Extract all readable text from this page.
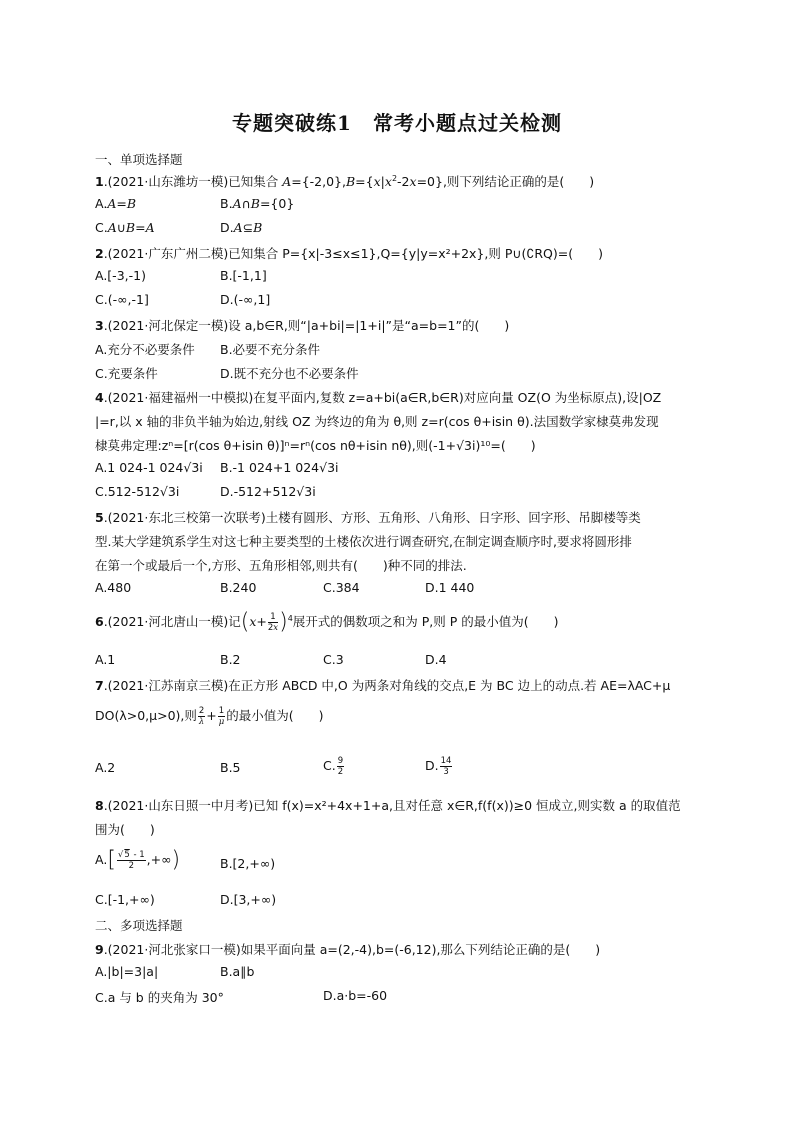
专题突破练1　常考小题点过关检测
一、单项选择题
1.(2021·山东潍坊一模)已知集合 $A=\{-2,0\},B=\{x|x^2-2x=0\}$,则下列结论正确的是(　　)
A.A=B	B.A∩B={0}
C.A∪B=A	D.A⊆B
2.(2021·广东广州二模)已知集合 P={x|-3≤x≤1},Q={y|y=x²+2x},则 P∪(∁RQ)=(　　)
A.[-3,-1)	B.[-1,1]
C.(-∞,-1]	D.(-∞,1]
3.(2021·河北保定一模)设 a,b∈R,则“|a+bi|=|1+i|”是“a=b=1”的(　　)
A.充分不必要条件 B.必要不充分条件
C.充要条件	D.既不充分也不必要条件
4.(2021·福建福州一中模拟)在复平面内,复数 z=a+bi(a∈R,b∈R)对应向量 OZ(O 为坐标原点),设|OZ
|=r,以 x 轴的非负半轴为始边,射线 OZ 为终边的角为 θ,则 z=r(cos θ+isin θ).法国数学家棣莫弗发现
棣莫弗定理:zⁿ=[r(cos θ+isin θ)]ⁿ=rⁿ(cos nθ+isin nθ),则(-1+√3i)¹⁰=(　　)
A.1 024-1 024√3i B.-1 024+1 024√3i
C.512-512√3i	D.-512+512√3i
5.(2021·东北三校第一次联考)土楼有圆形、方形、五角形、八角形、日字形、回字形、吊脚楼等类
型.某大学建筑系学生对这七种主要类型的土楼依次进行调查研究,在制定调查顺序时,要求将圆形排
在第一个或最后一个,方形、五角形相邻,则共有(　　)种不同的排法.
A.480	B.240	C.384	D.1 440
6.(2021·河北唐山一模)记$(x+ \frac{1}{2x} )^4$展开式的偶数项之和为 P,则 P 的最小值为(　　)
A.1	B.2	C.3	D.4
7.(2021·江苏南京三模)在正方形 ABCD 中,O 为两条对角线的交点,E 为 BC 边上的动点.若 AE=λAC+μ
DO(λ>0,μ>0),则 $\frac{2}{\lambda} + \frac{1}{\mu}$ 的最小值为(　　)
A.2	B.5	C. $\frac{9}{2}$	D. $\frac{14}{3}$
8.(2021·山东日照一中月考)已知 f(x)=x²+4x+1+a,且对任意 x∈R,f(f(x))≥0 恒成立,则实数 a 的取值范
围为(　　)
$A.[ \frac{√5 - 1}{2}$ ,+∞)	B.[2,+∞)
C.[-1,+∞)	D.[3,+∞)
二、多项选择题
9.(2021·河北张家口一模)如果平面向量 a=(2,-4),b=(-6,12),那么下列结论正确的是(　　)
A.|b|=3|a|	B.a∥b
C.a 与 b 的夹角为 30°	D.a·b=-60
